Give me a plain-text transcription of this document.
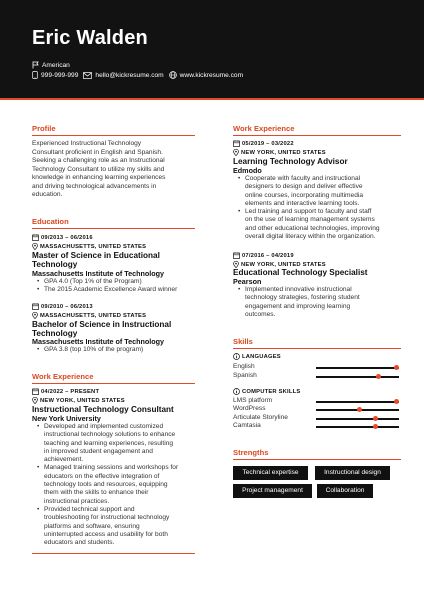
Eric Walden
American
999-999-999	hello@kickresume.com www.kickresume.com
Profile
Experienced Instructional Technology
Consultant proficient in English and Spanish.
Seeking a challenging role as an Instructional
Technology Consultant to utilize my skills and
knowledge in enhancing learning experiences
and driving technological advancements in
education.
Education
09/2013 – 06/2016
MASSACHUSETTS, UNITED STATES
Master of Science in Educational
Technology
Massachusetts Institute of Technology
• GPA 4.0 (Top 1% of the Program)
• The 2015 Academic Excellence Award winner
09/2010 – 06/2013
MASSACHUSETTS, UNITED STATES
Bachelor of Science in Instructional
Technology
Massachusetts Institute of Technology
• GPA 3.8 (top 10% of the program)
Work Experience
04/2022 – PRESENT
NEW YORK, UNITED STATES
Instructional Technology Consultant
New York University
• Developed and implemented customized
instructional technology solutions to enhance
teaching and learning experiences, resulting
in improved student engagement and
achievement.
• Managed training sessions and workshops for
educators on the effective integration of
technology tools and resources, equipping
them with the skills to enhance their
instructional practices.
• Provided technical support and
troubleshooting for instructional technology
platforms and software, ensuring
uninterrupted access and usability for both
educators and students.
Work Experience
05/2019 – 03/2022
NEW YORK, UNITED STATES
Learning Technology Advisor
Edmodo
• Cooperate with faculty and instructional
designers to design and deliver effective
online courses, incorporating multimedia
elements and interactive learning tools.
• Led training and support to faculty and staff
on the use of learning management systems
and other educational technologies, improving
overall digital literacy within the organization.
07/2016 – 04/2019
NEW YORK, UNITED STATES
Educational Technology Specialist
Pearson
• Implemented innovative instructional
technology strategies, fostering student
engagement and improving learning
outcomes.
Skills
LANGUAGES
English
Spanish
COMPUTER SKILLS
LMS platform
WordPress
Articulate Storyline
Camtasia
Strengths
Technical expertise	Instructional design
Project management	Collaboration
